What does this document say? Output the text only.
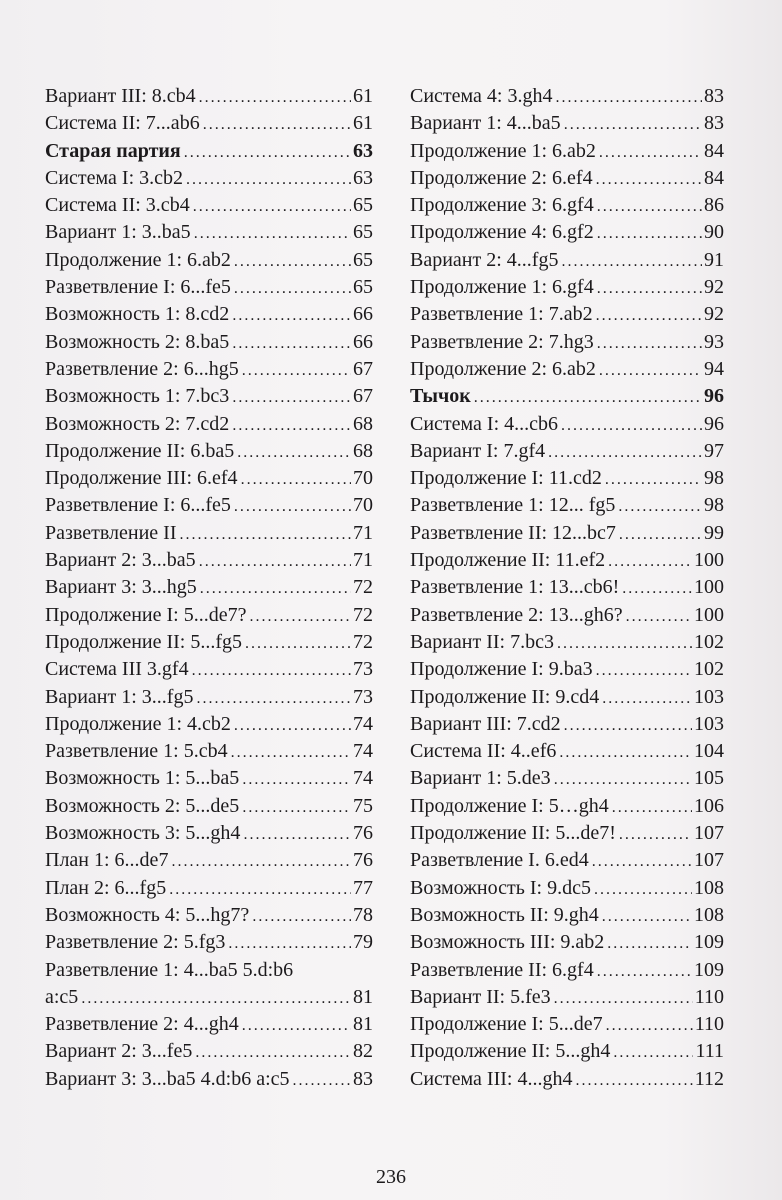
Вариант III: 8.cb4 . . .	61
Система II: 7...ab6 . . .	61
Старая партия . . .	63
Система I: 3.cb2 . . .	63
Система II: 3.cb4 . . .	65
Вариант 1: 3..ba5 . . .	65
Продолжение 1: 6.ab2 . . .	65
Разветвление I: 6...fe5 . . .	65
Возможность 1: 8.cd2 . . .	66
Возможность 2: 8.ba5 . . .	66
Разветвление 2: 6...hg5 . . .	67
Возможность 1: 7.bc3 . . .	67
Возможность 2: 7.cd2 . . .	68
Продолжение II: 6.ba5 . . .	68
Продолжение III: 6.ef4 . . .	70
Разветвление I: 6...fe5 . . .	70
Разветвление II . . .	71
Вариант 2: 3...ba5 . . .	71
Вариант 3: 3...hg5 . . .	72
Продолжение I: 5...de7? . . .	72
Продолжение II: 5...fg5 . . .	72
Система III 3.gf4 . . .	73
Вариант 1: 3...fg5 . . .	73
Продолжение 1: 4.cb2 . . .	74
Разветвление 1: 5.cb4 . . .	74
Возможность 1: 5...ba5 . . .	74
Возможность 2: 5...de5 . . .	75
Возможность 3: 5...gh4 . . .	76
План 1: 6...de7 . . .	76
План 2: 6...fg5 . . .	77
Возможность 4: 5...hg7? . . .	78
Разветвление 2: 5.fg3 . . .	79
Разветвление 1: 4...ba5 5.d:b6
a:c5 . . .	81
Разветвление 2: 4...gh4 . . .	81
Вариант 2: 3...fe5 . . .	82
Вариант 3: 3...ba5 4.d:b6 a:c5 . . .	83
Система 4: 3.gh4 . . .	83
Вариант 1: 4...ba5 . . .	83
Продолжение 1: 6.ab2 . . .	84
Продолжение 2: 6.ef4 . . .	84
Продолжение 3: 6.gf4 . . .	86
Продолжение 4: 6.gf2 . . .	90
Вариант 2: 4...fg5 . . .	91
Продолжение 1: 6.gf4 . . .	92
Разветвление 1: 7.ab2 . . .	92
Разветвление 2: 7.hg3 . . .	93
Продолжение 2: 6.ab2 . . .	94
Тычок . . .	96
Система I: 4...cb6 . . .	96
Вариант I: 7.gf4 . . .	97
Продолжение I: 11.cd2 . . .	98
Разветвление 1: 12... fg5 . . .	98
Разветвление II: 12...bc7 . . .	99
Продолжение II: 11.ef2 . . .	100
Разветвление 1: 13...cb6! . . .	100
Разветвление 2: 13...gh6? . . .	100
Вариант II: 7.bc3 . . .	102
Продолжение I: 9.ba3 . . .	102
Продолжение II: 9.cd4 . . .	103
Вариант III: 7.cd2 . . .	103
Система II: 4..ef6 . . .	104
Вариант 1: 5.de3 . . .	105
Продолжение I: 5…gh4 . . .	106
Продолжение II: 5...de7! . . .	107
Разветвление I. 6.ed4 . . .	107
Возможность I: 9.dc5 . . .	108
Возможность II: 9.gh4 . . .	108
Возможность III: 9.ab2 . . .	109
Разветвление II: 6.gf4 . . .	109
Вариант II: 5.fe3 . . .	110
Продолжение I: 5...de7 . . .	110
Продолжение II: 5...gh4 . . .	111
Система III: 4...gh4 . . .	112
236
